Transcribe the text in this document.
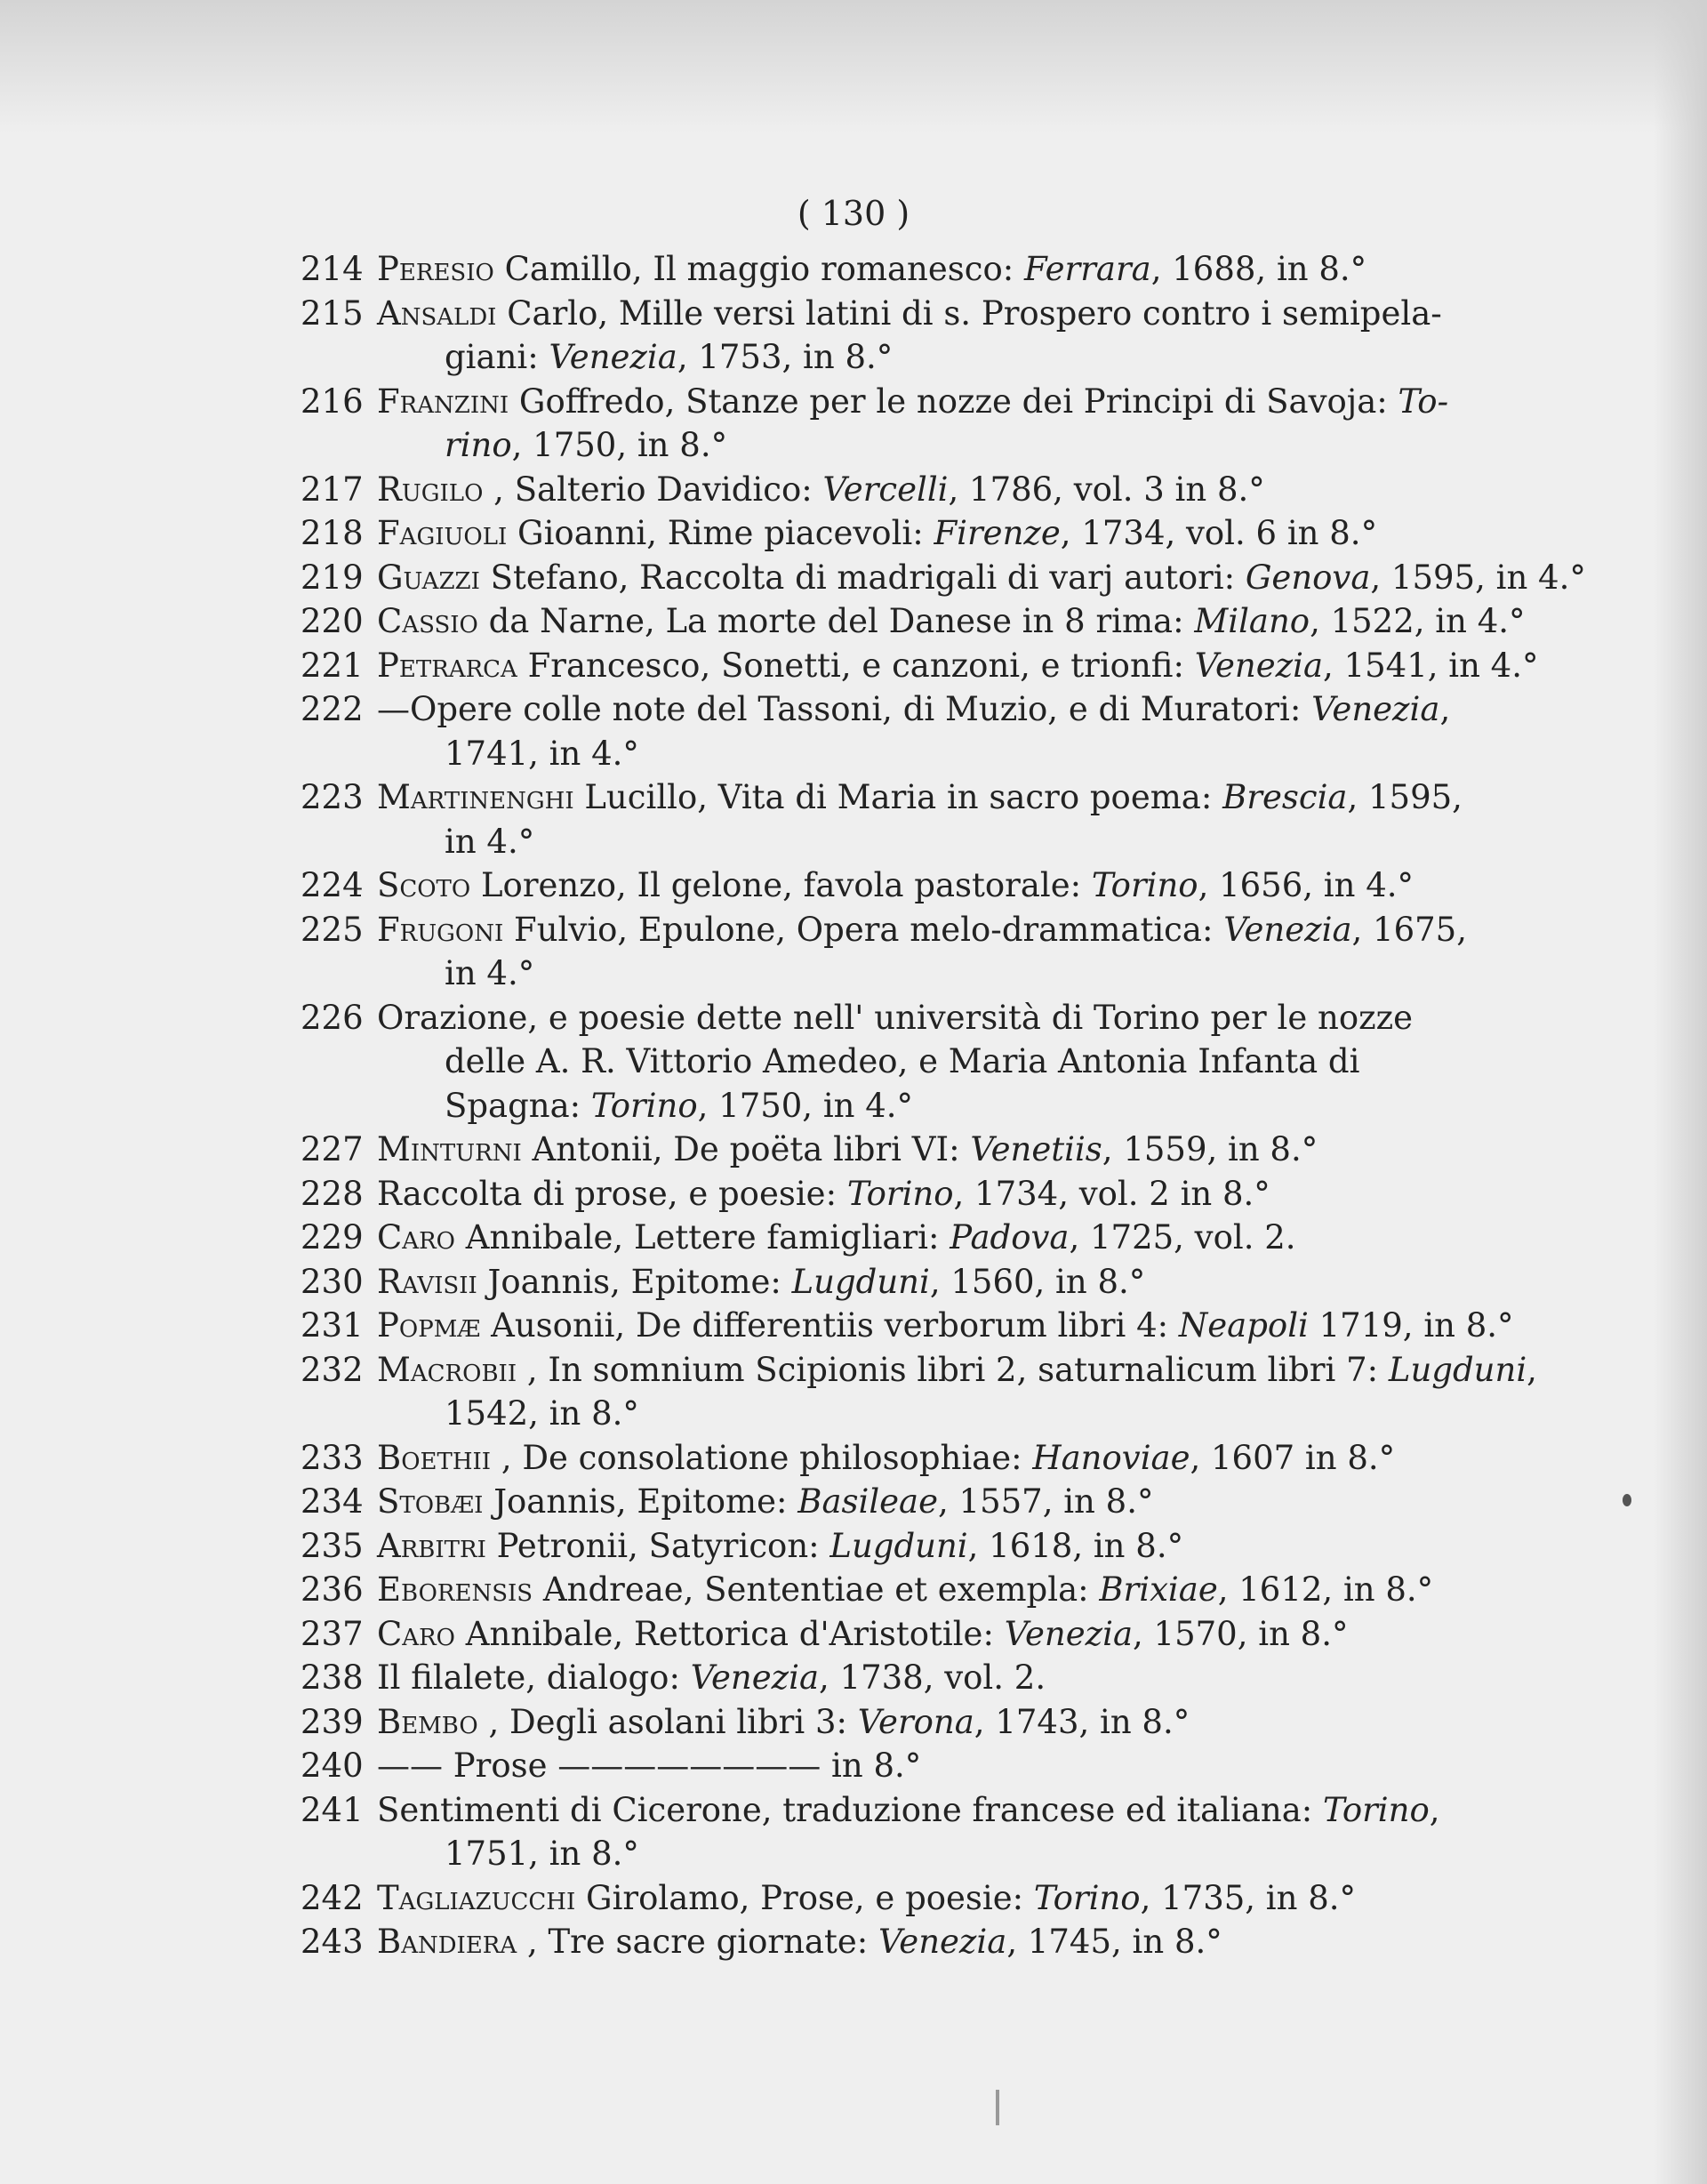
( 130 )
214 Peresio Camillo, Il maggio romanesco: Ferrara, 1688, in 8.°
215 Ansaldi Carlo, Mille versi latini di s. Prospero contro i semipela-
giani: Venezia, 1753, in 8.°
216 Franzini Goffredo, Stanze per le nozze dei Principi di Savoja: To-
rino, 1750, in 8.°
217 Rugilo , Salterio Davidico: Vercelli, 1786, vol. 3 in 8.°
218 Fagiuoli Gioanni, Rime piacevoli: Firenze, 1734, vol. 6 in 8.°
219 Guazzi Stefano, Raccolta di madrigali di varj autori: Genova, 1595, in 4.°
220 Cassio da Narne, La morte del Danese in 8 rima: Milano, 1522, in 4.°
221 Petrarca Francesco, Sonetti, e canzoni, e trionfi: Venezia, 1541, in 4.°
222 —Opere colle note del Tassoni, di Muzio, e di Muratori: Venezia,
1741, in 4.°
223 Martinenghi Lucillo, Vita di Maria in sacro poema: Brescia, 1595,
in 4.°
224 Scoto Lorenzo, Il gelone, favola pastorale: Torino, 1656, in 4.°
225 Frugoni Fulvio, Epulone, Opera melo-drammatica: Venezia, 1675,
in 4.°
226 Orazione, e poesie dette nell' università di Torino per le nozze
delle A. R. Vittorio Amedeo, e Maria Antonia Infanta di
Spagna: Torino, 1750, in 4.°
227 Minturni Antonii, De poëta libri VI: Venetiis, 1559, in 8.°
228 Raccolta di prose, e poesie: Torino, 1734, vol. 2 in 8.°
229 Caro Annibale, Lettere famigliari: Padova, 1725, vol. 2.
230 Ravisii Joannis, Epitome: Lugduni, 1560, in 8.°
231 Popmæ Ausonii, De differentiis verborum libri 4: Neapoli 1719, in 8.°
232 Macrobii , In somnium Scipionis libri 2, saturnalicum libri 7: Lugduni,
1542, in 8.°
233 Boethii , De consolatione philosophiae: Hanoviae, 1607 in 8.°
234 Stobæi Joannis, Epitome: Basileae, 1557, in 8.°
235 Arbitri Petronii, Satyricon: Lugduni, 1618, in 8.°
236 Eborensis Andreae, Sententiae et exempla: Brixiae, 1612, in 8.°
237 Caro Annibale, Rettorica d'Aristotile: Venezia, 1570, in 8.°
238 Il filalete, dialogo: Venezia, 1738, vol. 2.
239 Bembo , Degli asolani libri 3: Verona, 1743, in 8.°
240 —— Prose ———————— in 8.°
241 Sentimenti di Cicerone, traduzione francese ed italiana: Torino,
1751, in 8.°
242 Tagliazucchi Girolamo, Prose, e poesie: Torino, 1735, in 8.°
243 Bandiera , Tre sacre giornate: Venezia, 1745, in 8.°
